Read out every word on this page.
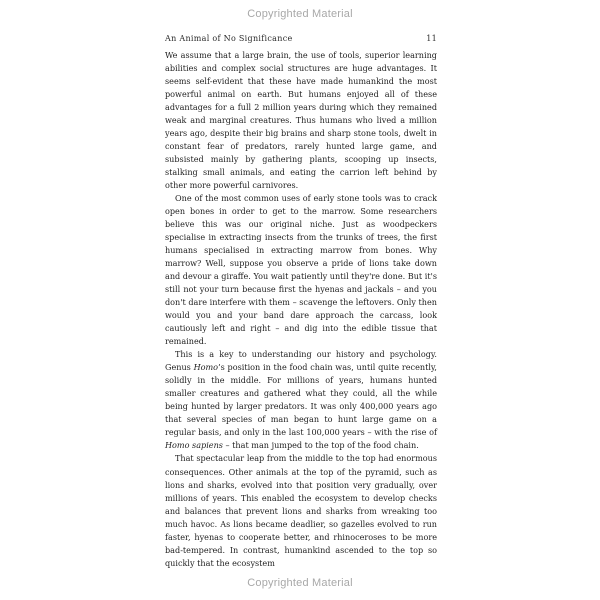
Copyrighted Material
An Animal of No Significance	11

We assume that a large brain, the use of tools, superior learning abilities and complex social structures are huge advantages. It seems self-evident that these have made humankind the most powerful animal on earth. But humans enjoyed all of these advantages for a full 2 million years during which they remained weak and marginal creatures. Thus humans who lived a million years ago, despite their big brains and sharp stone tools, dwelt in constant fear of predators, rarely hunted large game, and subsisted mainly by gathering plants, scooping up insects, stalking small animals, and eating the carrion left behind by other more powerful carnivores.

One of the most common uses of early stone tools was to crack open bones in order to get to the marrow. Some researchers believe this was our original niche. Just as woodpeckers specialise in extracting insects from the trunks of trees, the first humans specialised in extracting marrow from bones. Why marrow? Well, suppose you observe a pride of lions take down and devour a giraffe. You wait patiently until they're done. But it's still not your turn because first the hyenas and jackals – and you don't dare interfere with them – scavenge the leftovers. Only then would you and your band dare approach the carcass, look cautiously left and right – and dig into the edible tissue that remained.

This is a key to understanding our history and psychology. Genus Homo’s position in the food chain was, until quite recently, solidly in the middle. For millions of years, humans hunted smaller creatures and gathered what they could, all the while being hunted by larger predators. It was only 400,000 years ago that several species of man began to hunt large game on a regular basis, and only in the last 100,000 years – with the rise of Homo sapiens – that man jumped to the top of the food chain.

That spectacular leap from the middle to the top had enormous consequences. Other animals at the top of the pyramid, such as lions and sharks, evolved into that position very gradually, over millions of years. This enabled the ecosystem to develop checks and balances that prevent lions and sharks from wreaking too much havoc. As lions became deadlier, so gazelles evolved to run faster, hyenas to cooperate better, and rhinoceroses to be more bad-tempered. In contrast, humankind ascended to the top so quickly that the ecosystem

Copyrighted Material
